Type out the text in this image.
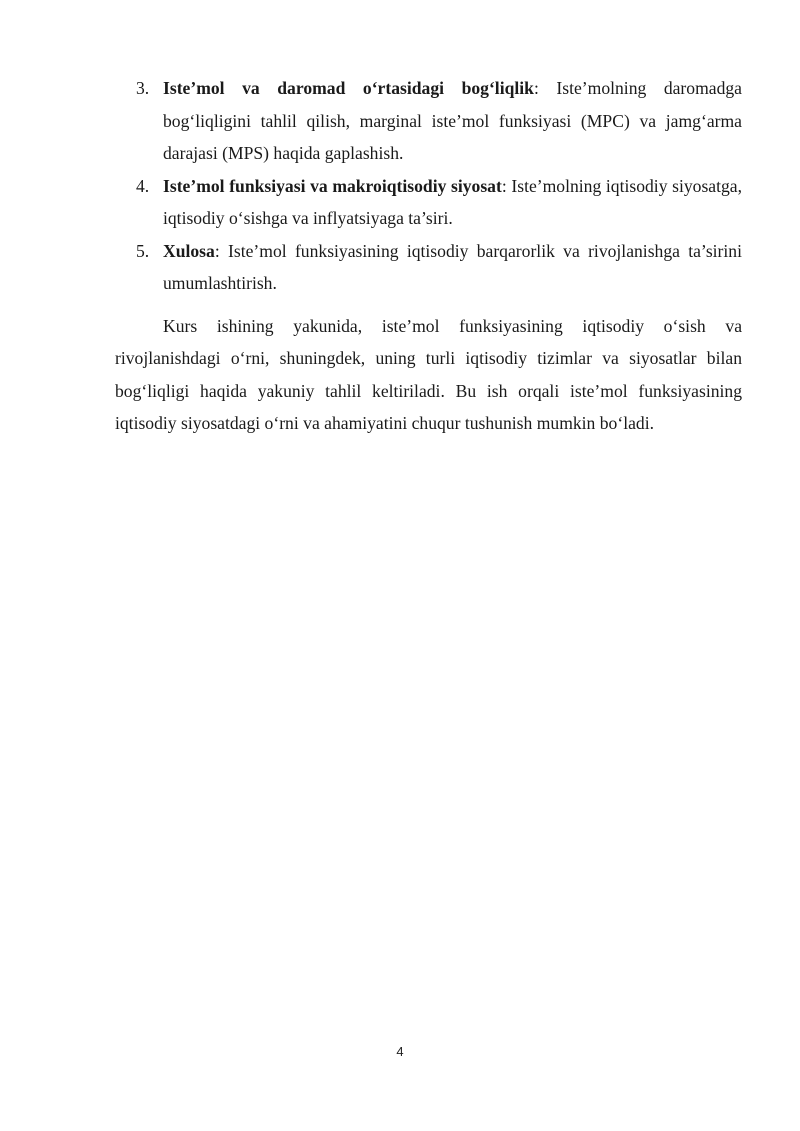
3. Iste’mol va daromad o‘rtasidagi bog‘liqlik: Iste’molning daromadga bog‘liqligini tahlil qilish, marginal iste’mol funksiyasi (MPC) va jamg‘arma darajasi (MPS) haqida gaplashish.
4. Iste’mol funksiyasi va makroiqtisodiy siyosat: Iste’molning iqtisodiy siyosatga, iqtisodiy o‘sishga va inflyatsiyaga ta’siri.
5. Xulosa: Iste’mol funksiyasining iqtisodiy barqarorlik va rivojlanishga ta’sirini umumlashtirish.

Kurs ishining yakunida, iste’mol funksiyasining iqtisodiy o‘sish va rivojlanishdagi o‘rni, shuningdek, uning turli iqtisodiy tizimlar va siyosatlar bilan bog‘liqligi haqida yakuniy tahlil keltiriladi. Bu ish orqali iste’mol funksiyasining iqtisodiy siyosatdagi o‘rni va ahamiyatini chuqur tushunish mumkin bo‘ladi.

4
